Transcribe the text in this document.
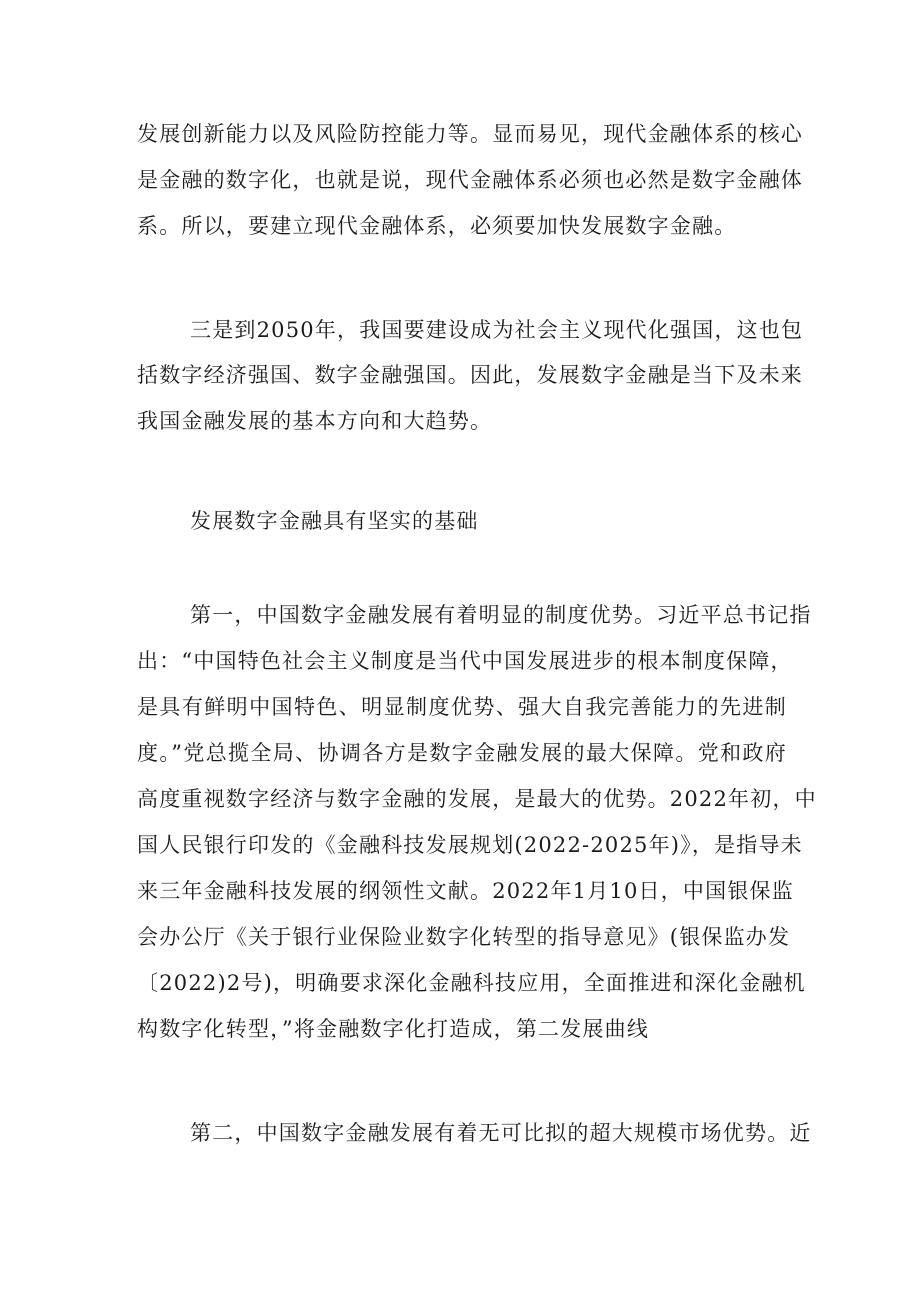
发展创新能力以及风险防控能力等。显而易见，现代金融体系的核心
是金融的数字化，也就是说，现代金融体系必须也必然是数字金融体
系。所以，要建立现代金融体系，必须要加快发展数字金融。
三是到2050年，我国要建设成为社会主义现代化强国，这也包
括数字经济强国、数字金融强国。因此，发展数字金融是当下及未来
我国金融发展的基本方向和大趋势。
发展数字金融具有坚实的基础
第一，中国数字金融发展有着明显的制度优势。习近平总书记指
出：“中国特色社会主义制度是当代中国发展进步的根本制度保障，
是具有鲜明中国特色、明显制度优势、强大自我完善能力的先进制
度。”党总揽全局、协调各方是数字金融发展的最大保障。党和政府
高度重视数字经济与数字金融的发展，是最大的优势。2022年初，中
国人民银行印发的《金融科技发展规划(2022-2025年)》，是指导未
来三年金融科技发展的纲领性文献。2022年1月10日，中国银保监
会办公厅《关于银行业保险业数字化转型的指导意见》(银保监办发
〔2022)2号)，明确要求深化金融科技应用，全面推进和深化金融机
构数字化转型，”将金融数字化打造成，第二发展曲线
第二，中国数字金融发展有着无可比拟的超大规模市场优势。近
